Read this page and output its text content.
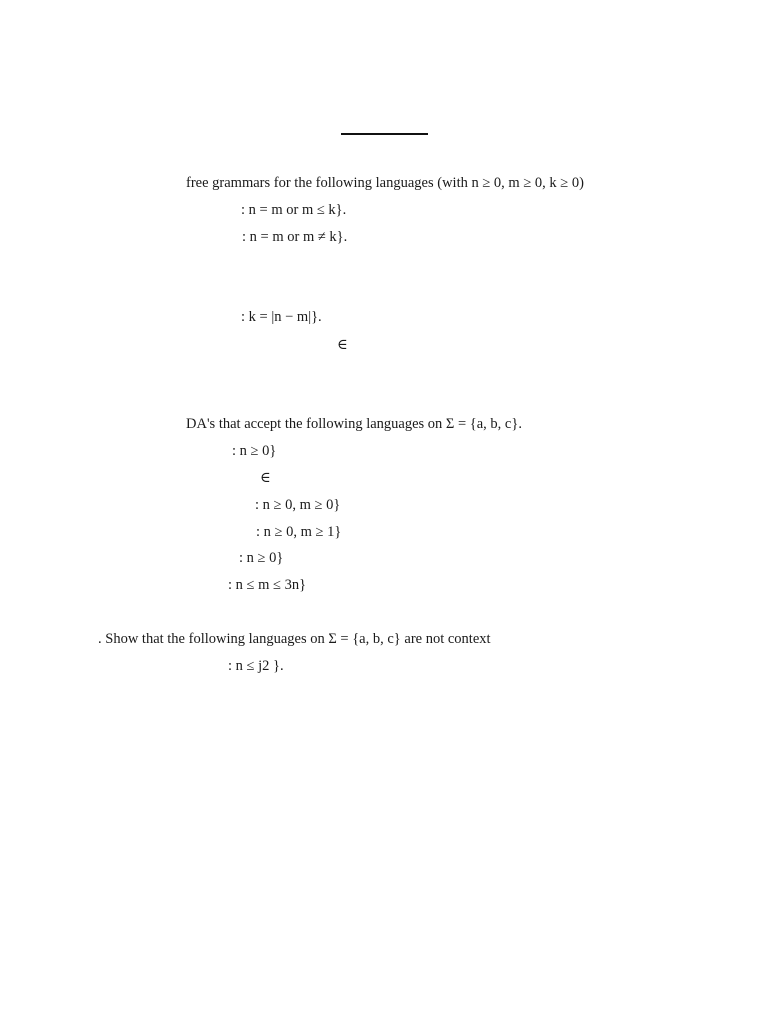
free grammars for the following languages (with n ≥ 0, m ≥ 0, k ≥ 0)
: n = m or m ≤ k}.
: n = m or m ≠ k}.
: k = |n − m|}.
∈
DA's that accept the following languages on Σ = {a, b, c}.
: n ≥ 0}
∈
: n ≥ 0, m ≥ 0}
: n ≥ 0, m ≥ 1}
: n ≥ 0}
: n ≤ m ≤ 3n}
. Show that the following languages on Σ = {a, b, c} are not context
: n ≤ j2 }.
